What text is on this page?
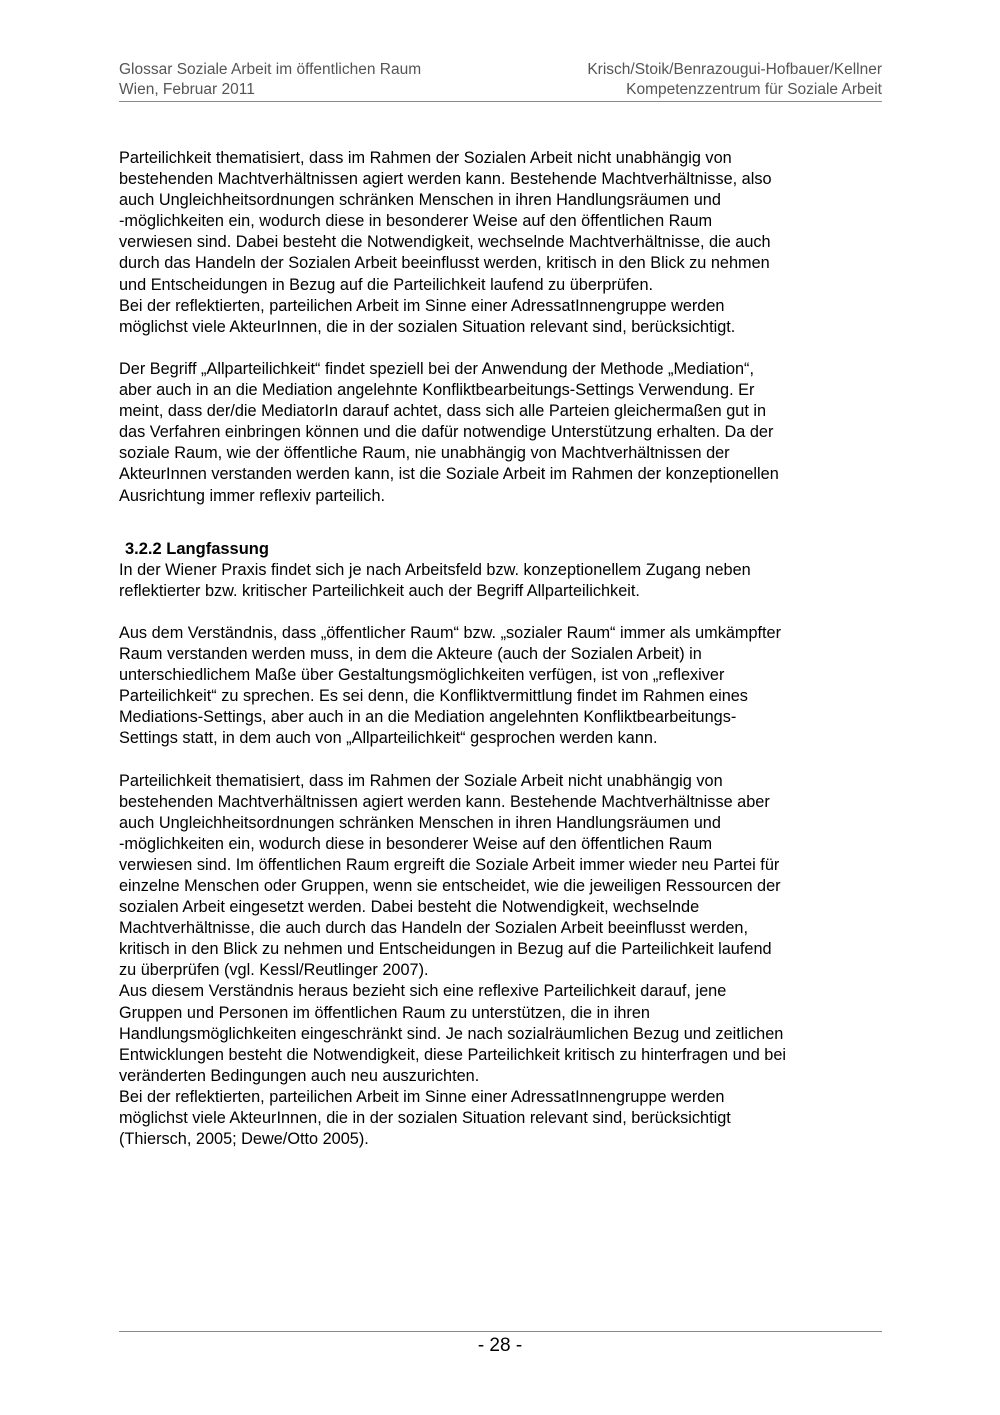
Glossar Soziale Arbeit im öffentlichen Raum
Wien, Februar 2011
Krisch/Stoik/Benrazougui-Hofbauer/Kellner
Kompetenzzentrum für Soziale Arbeit
Parteilichkeit thematisiert, dass im Rahmen der Sozialen Arbeit nicht unabhängig von
bestehenden Machtverhältnissen agiert werden kann. Bestehende Machtverhältnisse, also
auch Ungleichheitsordnungen schränken Menschen in ihren Handlungsräumen und
-möglichkeiten ein, wodurch diese in besonderer Weise auf den öffentlichen Raum
verwiesen sind. Dabei besteht die Notwendigkeit, wechselnde Machtverhältnisse, die auch
durch das Handeln der Sozialen Arbeit beeinflusst werden, kritisch in den Blick zu nehmen
und Entscheidungen in Bezug auf die Parteilichkeit laufend zu überprüfen.
Bei der reflektierten, parteilichen Arbeit im Sinne einer AdressatInnengruppe werden
möglichst viele AkteurInnen, die in der sozialen Situation relevant sind, berücksichtigt.
Der Begriff „Allparteilichkeit“ findet speziell bei der Anwendung der Methode „Mediation“,
aber auch in an die Mediation angelehnte Konfliktbearbeitungs-Settings Verwendung. Er
meint, dass der/die MediatorIn darauf achtet, dass sich alle Parteien gleichermaßen gut in
das Verfahren einbringen können und die dafür notwendige Unterstützung erhalten. Da der
soziale Raum, wie der öffentliche Raum, nie unabhängig von Machtverhältnissen der
AkteurInnen verstanden werden kann, ist die Soziale Arbeit im Rahmen der konzeptionellen
Ausrichtung immer reflexiv parteilich.
3.2.2 Langfassung
In der Wiener Praxis findet sich je nach Arbeitsfeld bzw. konzeptionellem Zugang neben
reflektierter bzw. kritischer Parteilichkeit auch der Begriff Allparteilichkeit.
Aus dem Verständnis, dass „öffentlicher Raum“ bzw. „sozialer Raum“ immer als umkämpfter
Raum verstanden werden muss, in dem die Akteure (auch der Sozialen Arbeit) in
unterschiedlichem Maße über Gestaltungsmöglichkeiten verfügen, ist von „reflexiver
Parteilichkeit“ zu sprechen. Es sei denn, die Konfliktvermittlung findet im Rahmen eines
Mediations-Settings, aber auch in an die Mediation angelehnten Konfliktbearbeitungs-
Settings statt, in dem auch von „Allparteilichkeit“ gesprochen werden kann.
Parteilichkeit thematisiert, dass im Rahmen der Soziale Arbeit nicht unabhängig von
bestehenden Machtverhältnissen agiert werden kann. Bestehende Machtverhältnisse aber
auch Ungleichheitsordnungen schränken Menschen in ihren Handlungsräumen und
-möglichkeiten ein, wodurch diese in besonderer Weise auf den öffentlichen Raum
verwiesen sind. Im öffentlichen Raum ergreift die Soziale Arbeit immer wieder neu Partei für
einzelne Menschen oder Gruppen, wenn sie entscheidet, wie die jeweiligen Ressourcen der
sozialen Arbeit eingesetzt werden. Dabei besteht die Notwendigkeit, wechselnde
Machtverhältnisse, die auch durch das Handeln der Sozialen Arbeit beeinflusst werden,
kritisch in den Blick zu nehmen und Entscheidungen in Bezug auf die Parteilichkeit laufend
zu überprüfen (vgl. Kessl/Reutlinger 2007).
Aus diesem Verständnis heraus bezieht sich eine reflexive Parteilichkeit darauf, jene
Gruppen und Personen im öffentlichen Raum zu unterstützen, die in ihren
Handlungsmöglichkeiten eingeschränkt sind. Je nach sozialräumlichen Bezug und zeitlichen
Entwicklungen besteht die Notwendigkeit, diese Parteilichkeit kritisch zu hinterfragen und bei
veränderten Bedingungen auch neu auszurichten.
Bei der reflektierten, parteilichen Arbeit im Sinne einer AdressatInnengruppe werden
möglichst viele AkteurInnen, die in der sozialen Situation relevant sind, berücksichtigt
(Thiersch, 2005; Dewe/Otto 2005).
- 28 -
